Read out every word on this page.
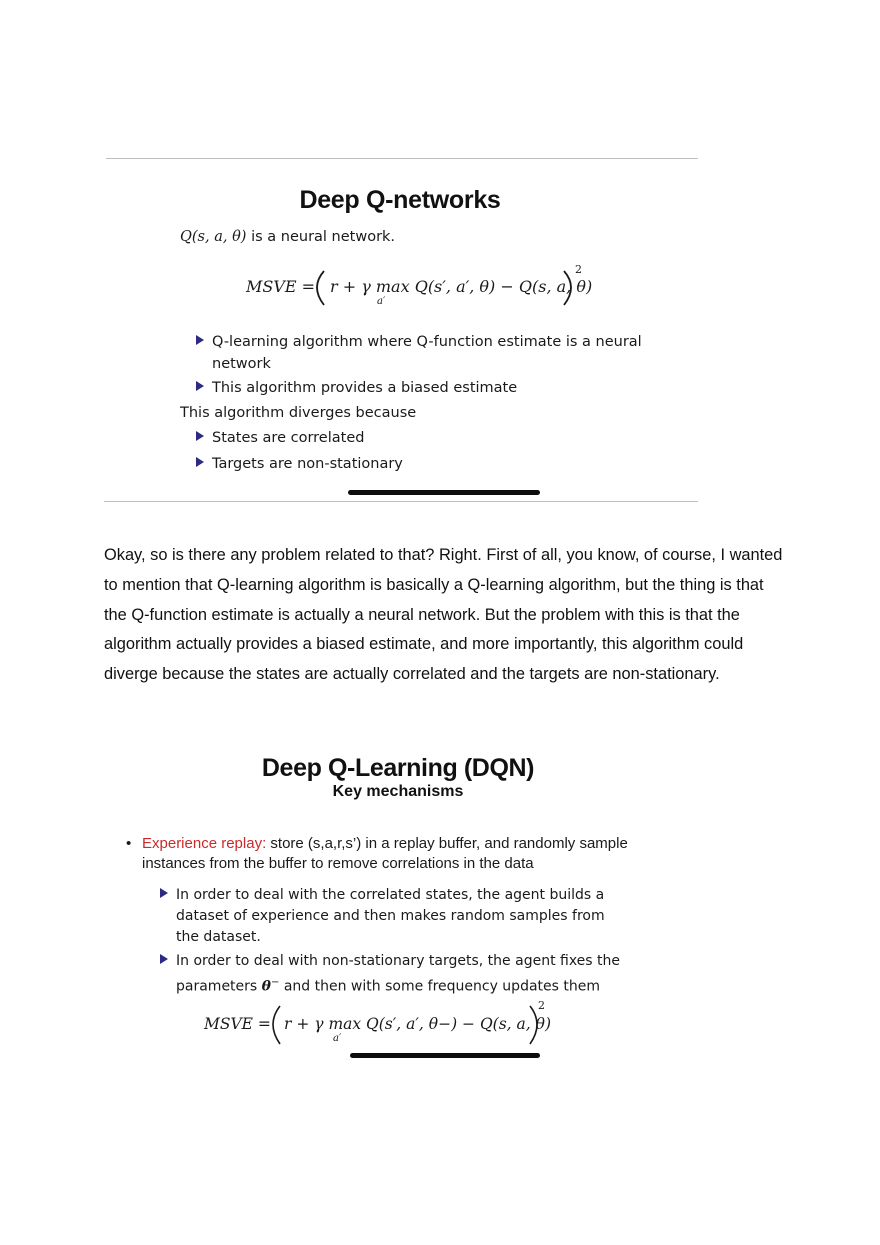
Deep Q-networks
Q(s, a, θ) is a neural network.
MSVE = r + γ max Q(s′, a′, θ) − Q(s, a, θ)
a′
2
Q-learning algorithm where Q-function estimate is a neural
network
This algorithm provides a biased estimate
This algorithm diverges because
States are correlated
Targets are non-stationary

Okay, so is there any problem related to that? Right. First of all, you know, of course, I wanted to mention that Q-learning algorithm is basically a Q-learning algorithm, but the thing is that the Q-function estimate is actually a neural network. But the problem with this is that the algorithm actually provides a biased estimate, and more importantly, this algorithm could diverge because the states are actually correlated and the targets are non-stationary.

Deep Q-Learning (DQN)
Key mechanisms
• Experience replay: store (s,a,r,s’) in a replay buffer, and randomly sample
instances from the buffer to remove correlations in the data
In order to deal with the correlated states, the agent builds a
dataset of experience and then makes random samples from
the dataset.
In order to deal with non-stationary targets, the agent fixes the
parameters θ− and then with some frequency updates them
MSVE = r + γ max Q(s′, a′, θ−) − Q(s, a, θ)
a′
2
